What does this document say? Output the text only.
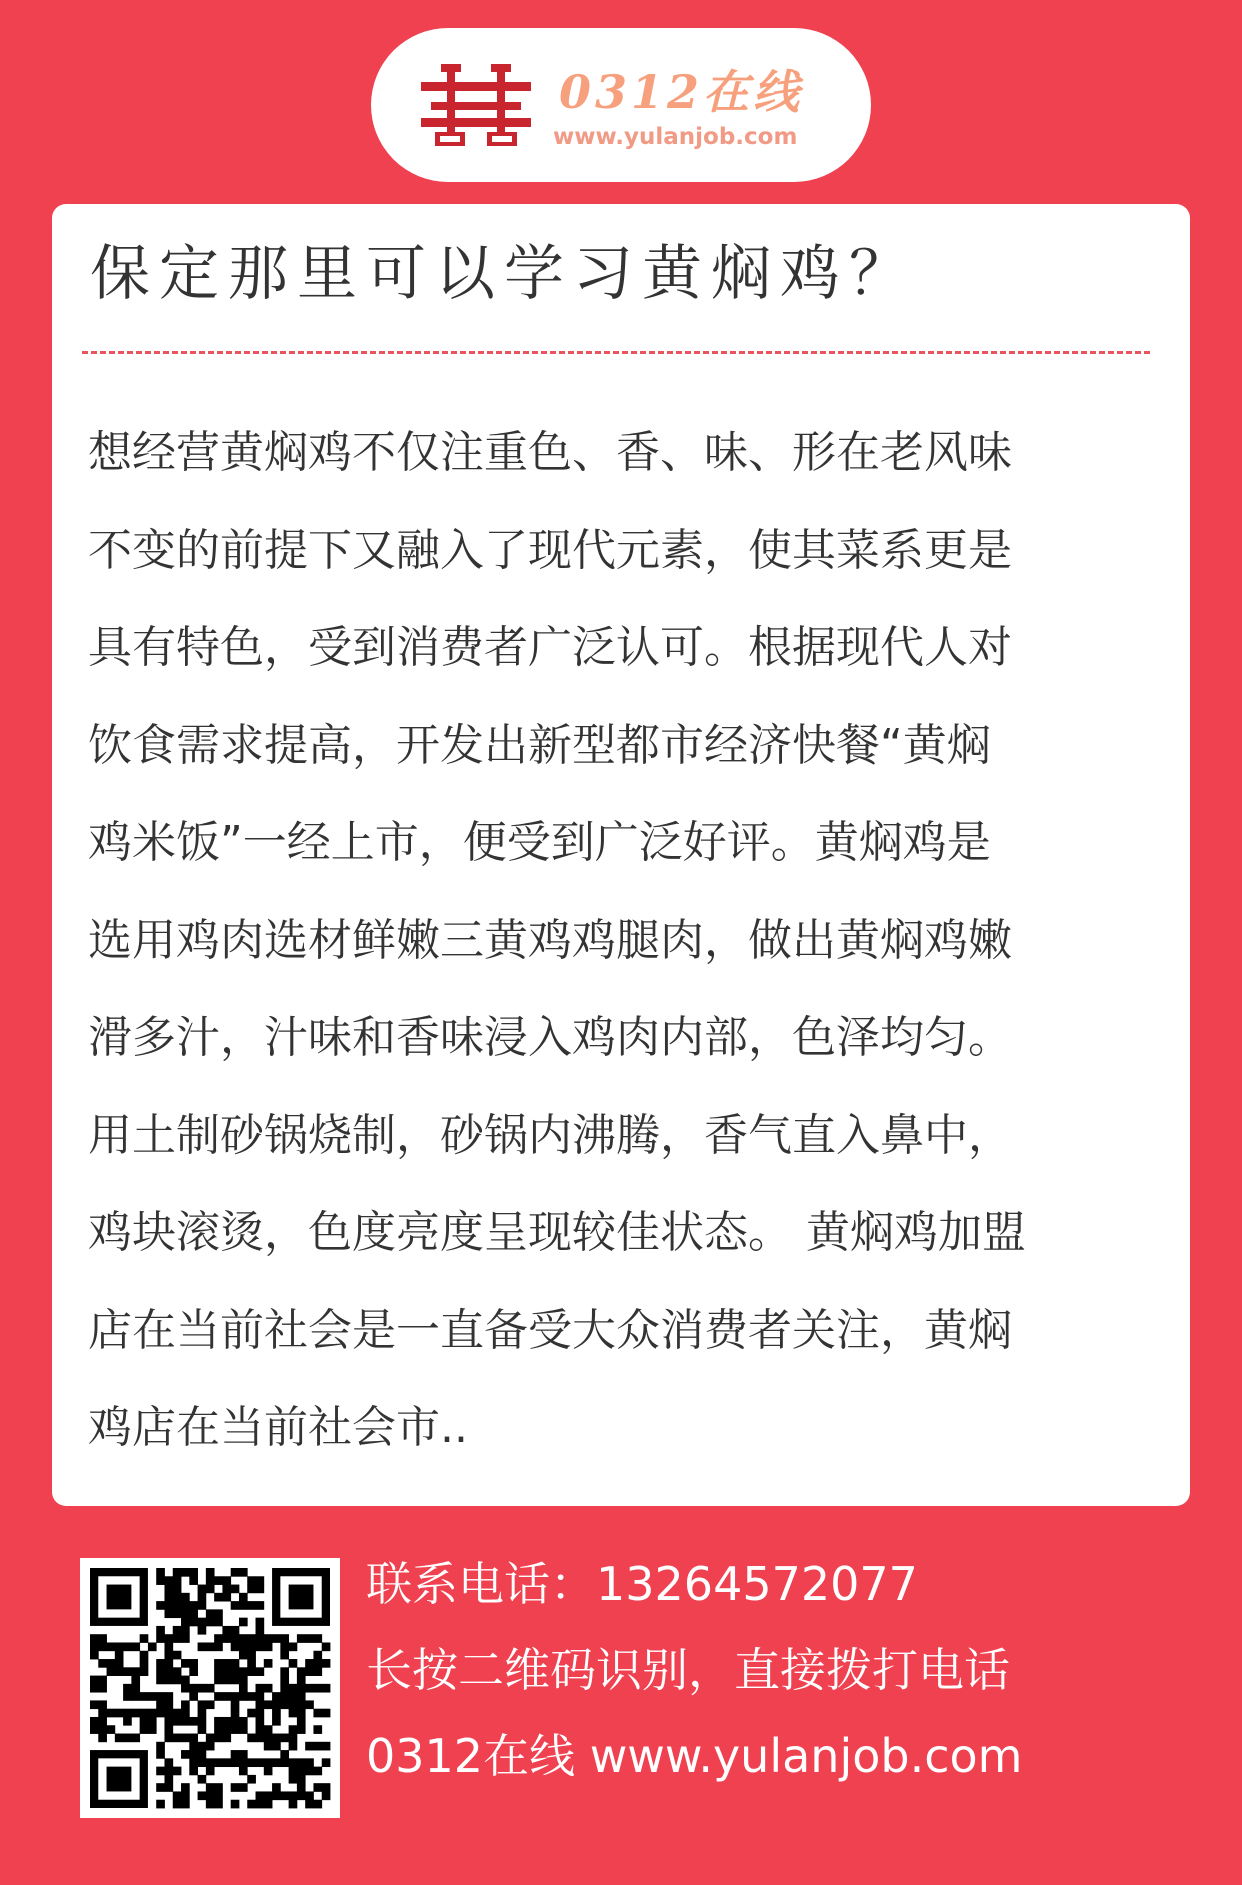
0312在线
www.yulanjob.com
保定那里可以学习黄焖鸡？

想经营黄焖鸡不仅注重色、香、味、形在老风味
不变的前提下又融入了现代元素，使其菜系更是
具有特色，受到消费者广泛认可。根据现代人对
饮食需求提高，开发出新型都市经济快餐“黄焖
鸡米饭”一经上市，便受到广泛好评。黄焖鸡是
选用鸡肉选材鲜嫩三黄鸡鸡腿肉，做出黄焖鸡嫩
滑多汁，汁味和香味浸入鸡肉内部，色泽均匀。
用土制砂锅烧制，砂锅内沸腾，香气直入鼻中，
鸡块滚烫，色度亮度呈现较佳状态。 黄焖鸡加盟
店在当前社会是一直备受大众消费者关注，黄焖
鸡店在当前社会市..

联系电话：13264572077
长按二维码识别，直接拨打电话
0312在线 www.yulanjob.com
